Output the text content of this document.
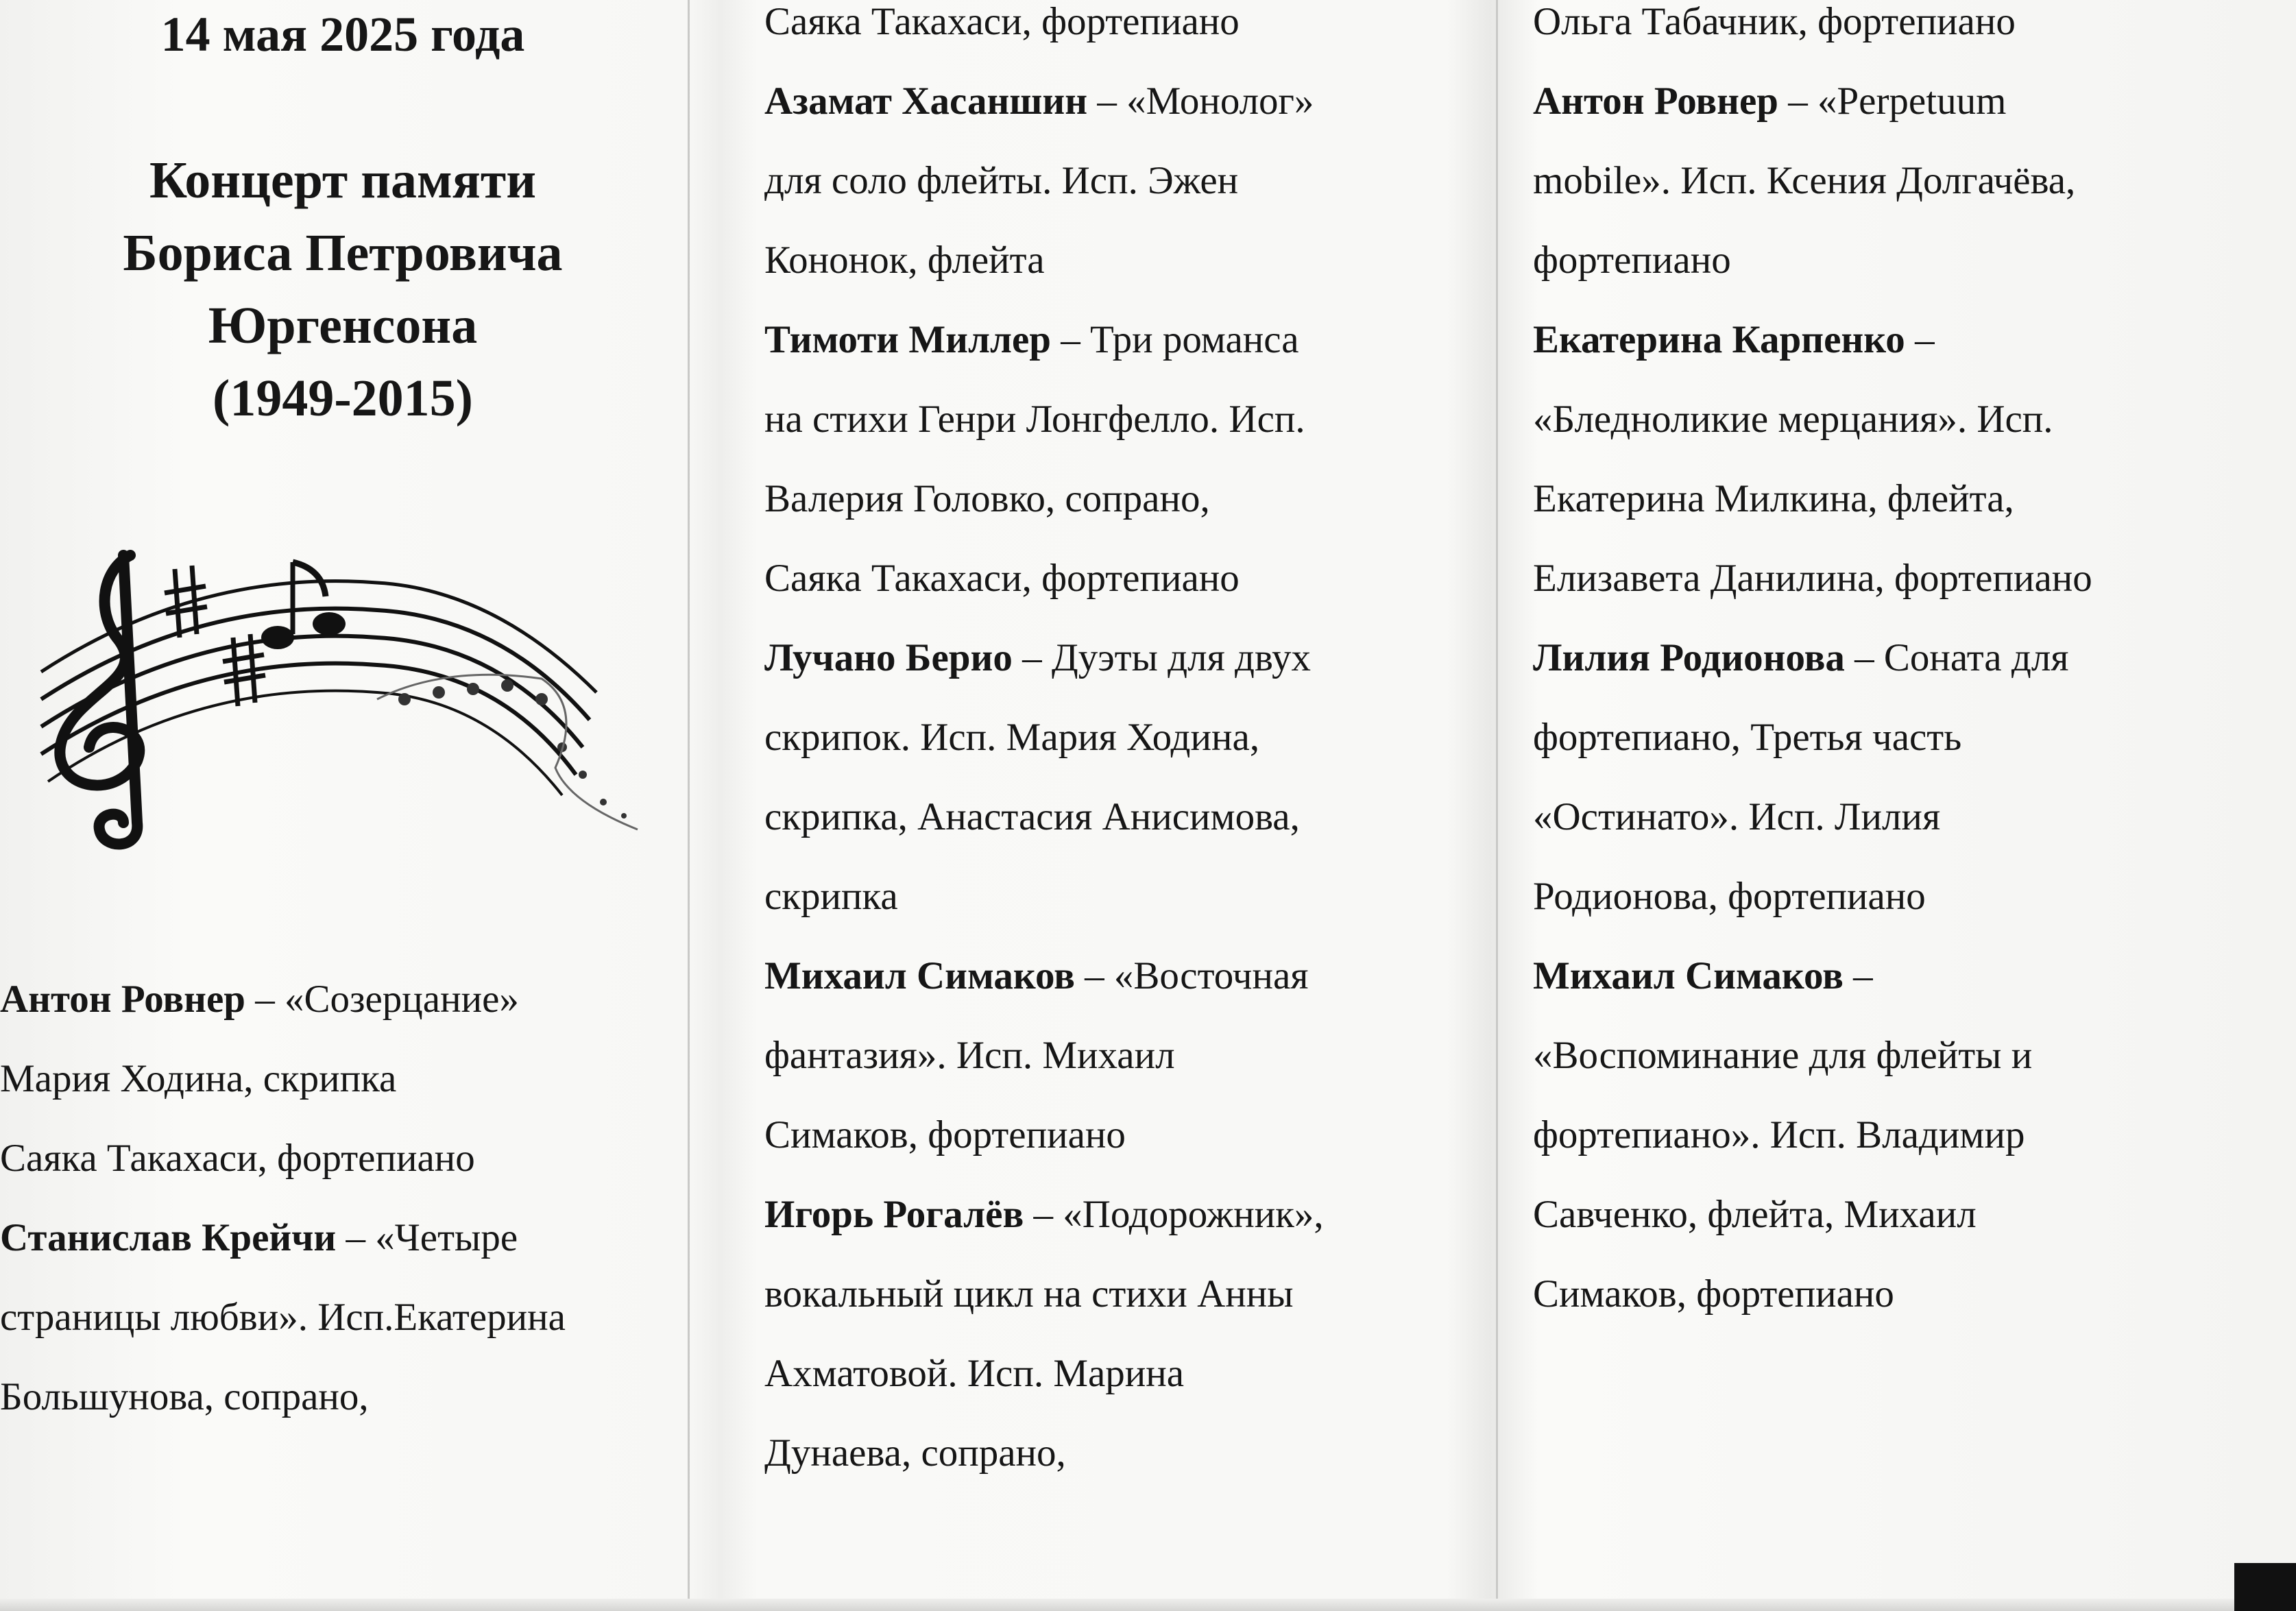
14 мая 2025 года
Концерт памяти
Бориса Петровича
Юргенсона
(1949-2015)

Антон Ровнер – «Созерцание»
Мария Ходина, скрипка
Саяка Такахаси, фортепиано
Станислав Крейчи – «Четыре
страницы любви». Исп.Екатерина
Большунова, сопрано,

Саяка Такахаси, фортепиано
Азамат Хасаншин – «Монолог»
для соло флейты. Исп. Эжен
Кононок, флейта
Тимоти Миллер – Три романса
на стихи Генри Лонгфелло. Исп.
Валерия Головко, сопрано,
Саяка Такахаси, фортепиано
Лучано Берио – Дуэты для двух
скрипок. Исп. Мария Ходина,
скрипка, Анастасия Анисимова,
скрипка
Михаил Симаков – «Восточная
фантазия». Исп. Михаил
Симаков, фортепиано
Игорь Рогалёв – «Подорожник»,
вокальный цикл на стихи Анны
Ахматовой. Исп. Марина
Дунаева, сопрано,

Ольга Табачник, фортепиано
Антон Ровнер – «Perpetuum
mobile». Исп. Ксения Долгачёва,
фортепиано
Екатерина Карпенко –
«Бледноликие мерцания». Исп.
Екатерина Милкина, флейта,
Елизавета Данилина, фортепиано
Лилия Родионова – Соната для
фортепиано, Третья часть
«Остинато». Исп. Лилия
Родионова, фортепиано
Михаил Симаков –
«Воспоминание для флейты и
фортепиано». Исп. Владимир
Савченко, флейта, Михаил
Симаков, фортепиано
